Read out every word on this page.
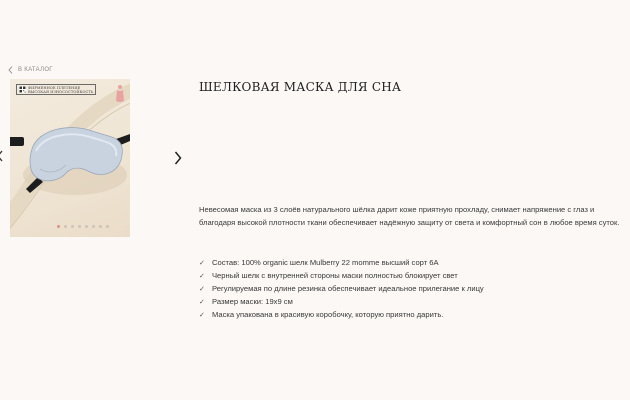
В КАТАЛОГ
ФИРМЕННОЕ ПЛЕТЕНИЕ
ВЫСОКАЯ ИЗНОСОСТОЙКОСТЬ	ШЕЛКОВАЯ МАСКА ДЛЯ СНА

Невесомая маска из 3 слоёв натурального шёлка дарит коже приятную прохладу, снимает напряжение с глаз и благодаря высокой плотности ткани обеспечивает надёжную защиту от света и комфортный сон в любое время суток.

✓ Состав: 100% organic шелк Mulberry 22 momme высший сорт 6А
✓ Черный шелк с внутренней стороны маски полностью блокирует свет
✓ Регулируемая по длине резинка обеспечивает идеальное прилегание к лицу
✓ Размер маски: 19х9 см
✓ Маска упакована в красивую коробочку, которую приятно дарить.
